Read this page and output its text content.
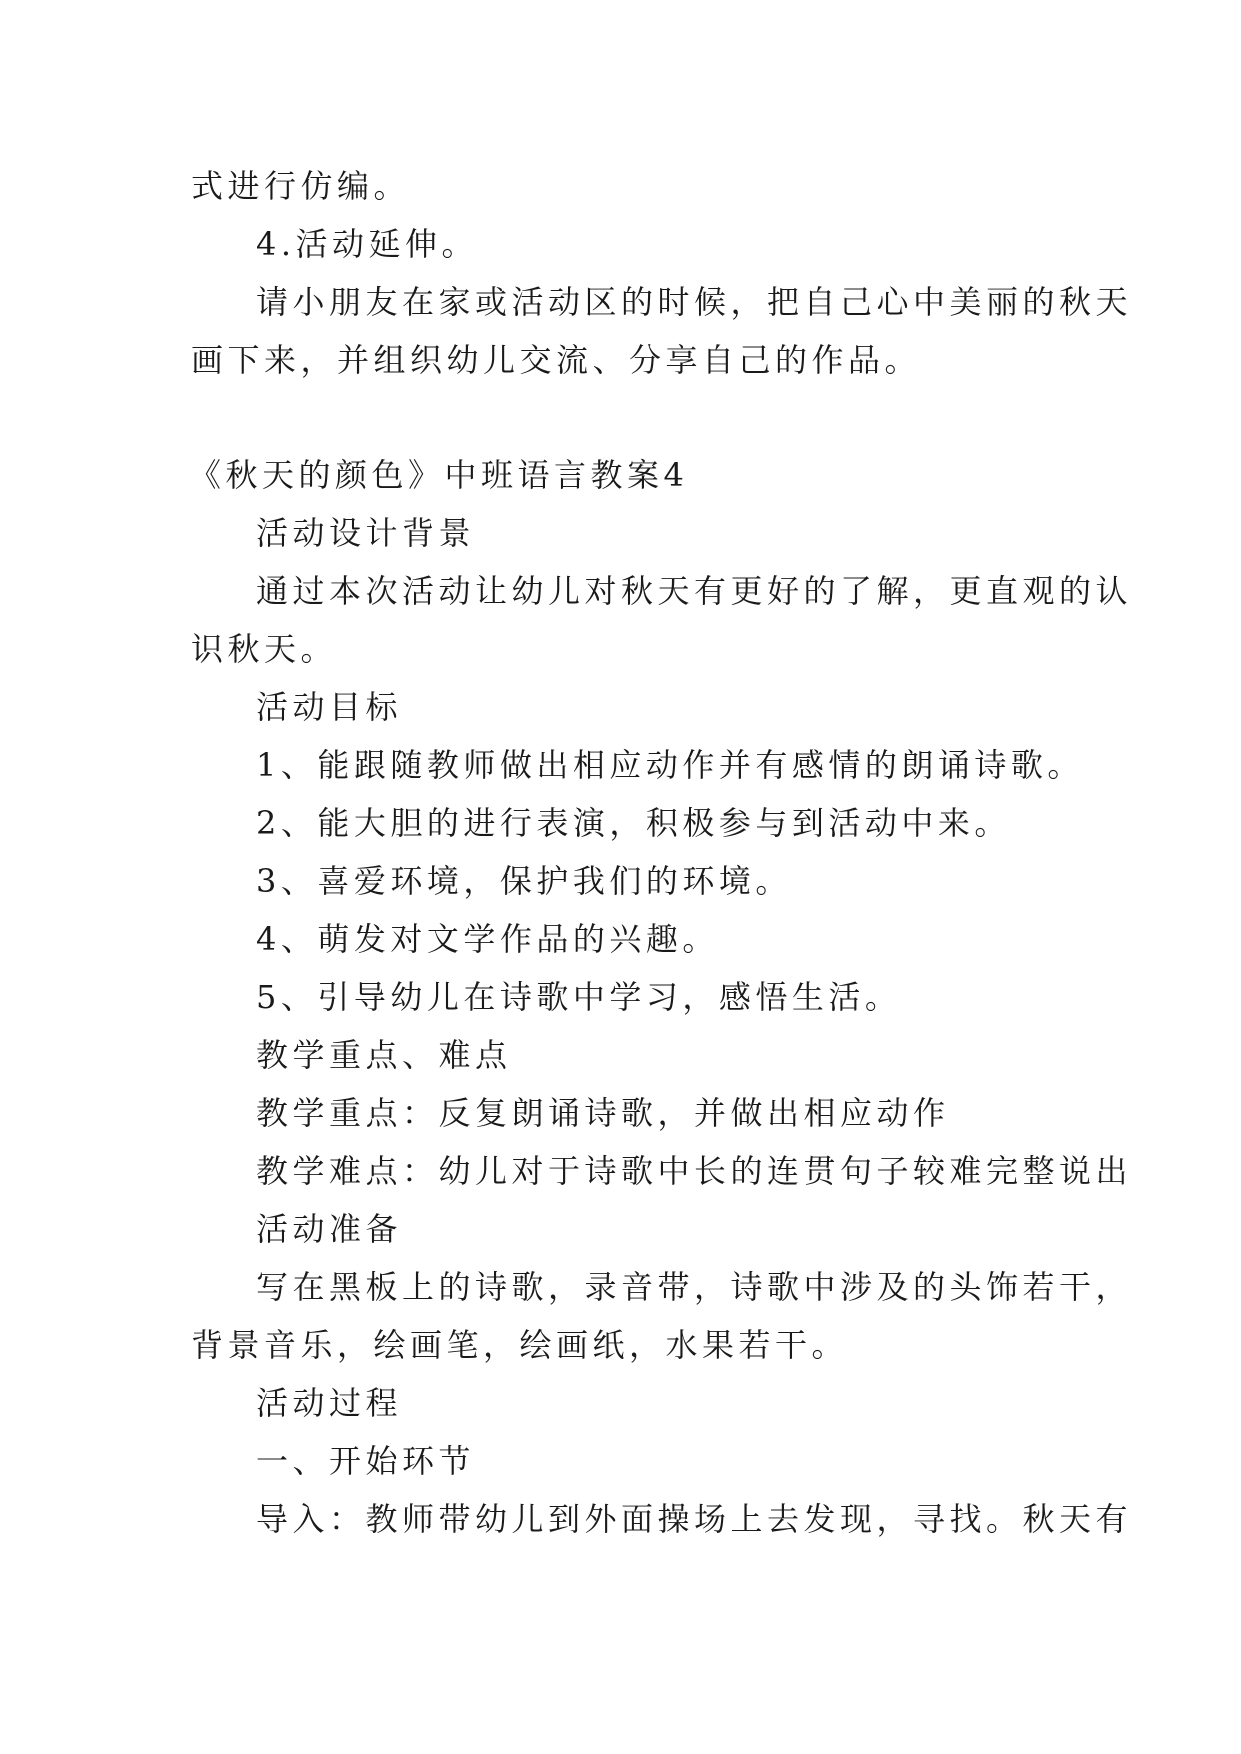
式进行仿编。
4.活动延伸。
请小朋友在家或活动区的时候，把自己心中美丽的秋天
画下来，并组织幼儿交流、分享自己的作品。
《秋天的颜色》中班语言教案4
活动设计背景
通过本次活动让幼儿对秋天有更好的了解，更直观的认
识秋天。
活动目标
1、能跟随教师做出相应动作并有感情的朗诵诗歌。
2、能大胆的进行表演，积极参与到活动中来。
3、喜爱环境，保护我们的环境。
4、萌发对文学作品的兴趣。
5、引导幼儿在诗歌中学习，感悟生活。
教学重点、难点
教学重点：反复朗诵诗歌，并做出相应动作
教学难点：幼儿对于诗歌中长的连贯句子较难完整说出
活动准备
写在黑板上的诗歌，录音带，诗歌中涉及的头饰若干，
背景音乐，绘画笔，绘画纸，水果若干。
活动过程
一、开始环节
导入：教师带幼儿到外面操场上去发现，寻找。秋天有
